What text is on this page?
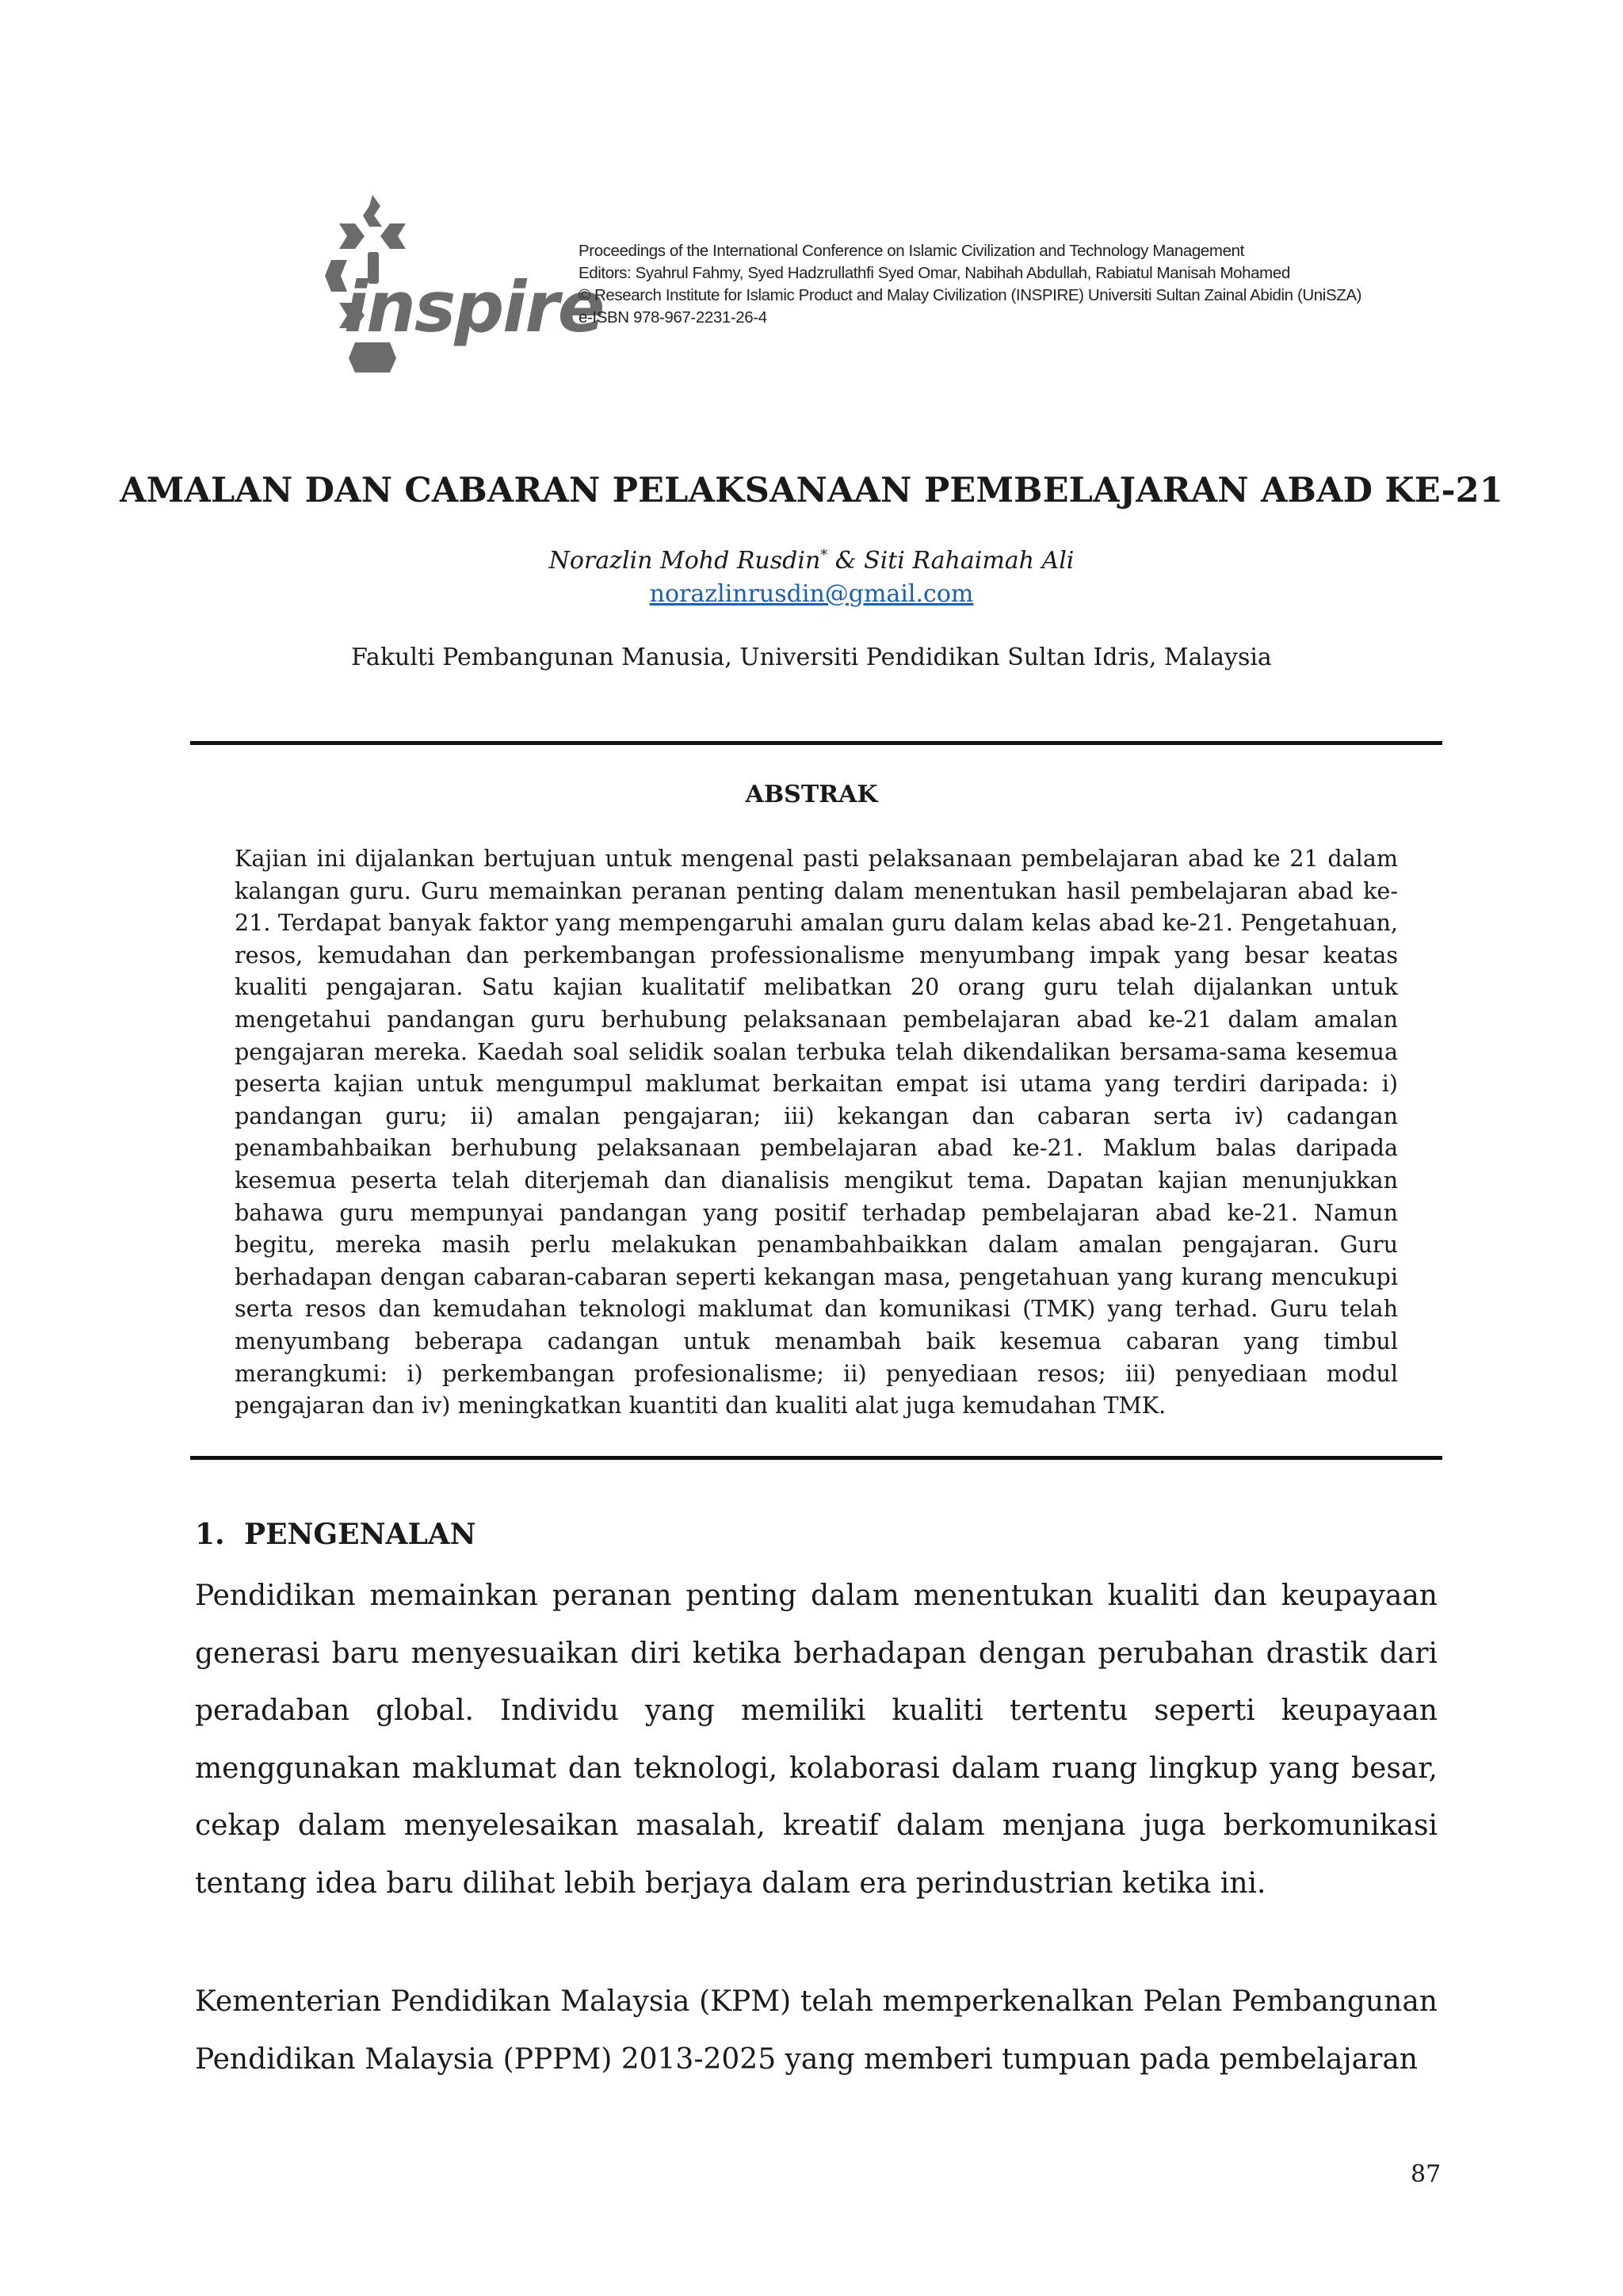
inspire
Proceedings of the International Conference on Islamic Civilization and Technology Management
Editors: Syahrul Fahmy, Syed Hadzrullathfi Syed Omar, Nabihah Abdullah, Rabiatul Manisah Mohamed
© Research Institute for Islamic Product and Malay Civilization (INSPIRE) Universiti Sultan Zainal Abidin (UniSZA)
e-ISBN 978-967-2231-26-4
AMALAN DAN CABARAN PELAKSANAAN PEMBELAJARAN ABAD KE-21
Norazlin Mohd Rusdin* & Siti Rahaimah Ali
norazlinrusdin@gmail.com
Fakulti Pembangunan Manusia, Universiti Pendidikan Sultan Idris, Malaysia
ABSTRAK
Kajian ini dijalankan bertujuan untuk mengenal pasti pelaksanaan pembelajaran abad ke 21 dalam kalangan guru. Guru memainkan peranan penting dalam menentukan hasil pembelajaran abad ke-21. Terdapat banyak faktor yang mempengaruhi amalan guru dalam kelas abad ke-21. Pengetahuan, resos, kemudahan dan perkembangan professionalisme menyumbang impak yang besar keatas kualiti pengajaran. Satu kajian kualitatif melibatkan 20 orang guru telah dijalankan untuk mengetahui pandangan guru berhubung pelaksanaan pembelajaran abad ke-21 dalam amalan pengajaran mereka. Kaedah soal selidik soalan terbuka telah dikendalikan bersama-sama kesemua peserta kajian untuk mengumpul maklumat berkaitan empat isi utama yang terdiri daripada: i) pandangan guru; ii) amalan pengajaran; iii) kekangan dan cabaran serta iv) cadangan penambahbaikan berhubung pelaksanaan pembelajaran abad ke-21. Maklum balas daripada kesemua peserta telah diterjemah dan dianalisis mengikut tema. Dapatan kajian menunjukkan bahawa guru mempunyai pandangan yang positif terhadap pembelajaran abad ke-21. Namun begitu, mereka masih perlu melakukan penambahbaikkan dalam amalan pengajaran. Guru berhadapan dengan cabaran-cabaran seperti kekangan masa, pengetahuan yang kurang mencukupi serta resos dan kemudahan teknologi maklumat dan komunikasi (TMK) yang terhad. Guru telah menyumbang beberapa cadangan untuk menambah baik kesemua cabaran yang timbul merangkumi: i) perkembangan profesionalisme; ii) penyediaan resos; iii) penyediaan modul pengajaran dan iv) meningkatkan kuantiti dan kualiti alat juga kemudahan TMK.
1. PENGENALAN
Pendidikan memainkan peranan penting dalam menentukan kualiti dan keupayaan generasi baru menyesuaikan diri ketika berhadapan dengan perubahan drastik dari peradaban global. Individu yang memiliki kualiti tertentu seperti keupayaan menggunakan maklumat dan teknologi, kolaborasi dalam ruang lingkup yang besar, cekap dalam menyelesaikan masalah, kreatif dalam menjana juga berkomunikasi tentang idea baru dilihat lebih berjaya dalam era perindustrian ketika ini.
Kementerian Pendidikan Malaysia (KPM) telah memperkenalkan Pelan Pembangunan Pendidikan Malaysia (PPPM) 2013-2025 yang memberi tumpuan pada pembelajaran
87
